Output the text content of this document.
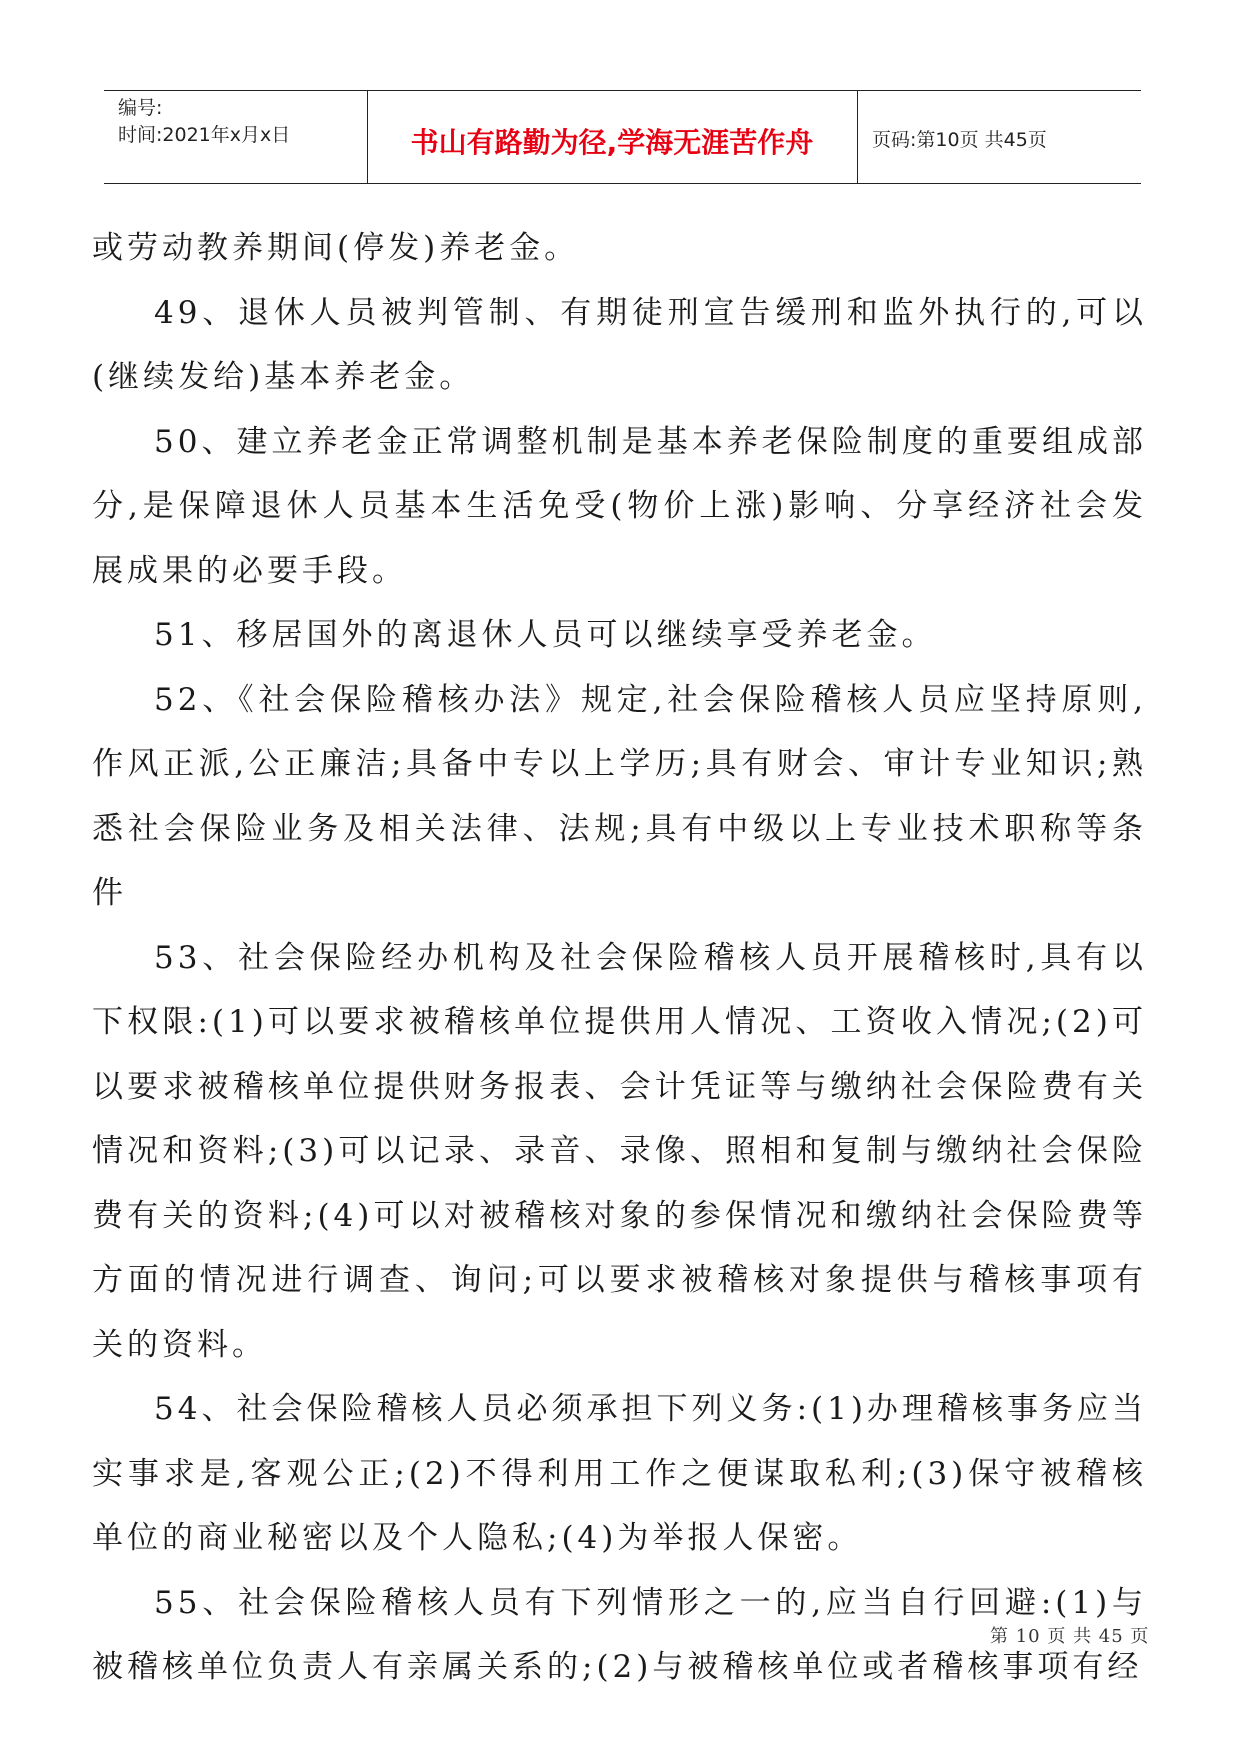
编号:
时间:2021年x月x日	书山有路勤为径,学海无涯苦作舟	页码:第10页 共45页

或劳动教养期间(停发)养老金。

49、退休人员被判管制、有期徒刑宣告缓刑和监外执行的,可以(继续发给)基本养老金。

50、建立养老金正常调整机制是基本养老保险制度的重要组成部分,是保障退休人员基本生活免受(物价上涨)影响、分享经济社会发展成果的必要手段。

51、移居国外的离退休人员可以继续享受养老金。

52、《社会保险稽核办法》规定,社会保险稽核人员应坚持原则,作风正派,公正廉洁;具备中专以上学历;具有财会、审计专业知识;熟悉社会保险业务及相关法律、法规;具有中级以上专业技术职称等条件

53、社会保险经办机构及社会保险稽核人员开展稽核时,具有以下权限:(1)可以要求被稽核单位提供用人情况、工资收入情况;(2)可以要求被稽核单位提供财务报表、会计凭证等与缴纳社会保险费有关情况和资料;(3)可以记录、录音、录像、照相和复制与缴纳社会保险费有关的资料;(4)可以对被稽核对象的参保情况和缴纳社会保险费等方面的情况进行调查、询问;可以要求被稽核对象提供与稽核事项有关的资料。

54、社会保险稽核人员必须承担下列义务:(1)办理稽核事务应当实事求是,客观公正;(2)不得利用工作之便谋取私利;(3)保守被稽核单位的商业秘密以及个人隐私;(4)为举报人保密。

55、社会保险稽核人员有下列情形之一的,应当自行回避:(1)与被稽核单位负责人有亲属关系的;(2)与被稽核单位或者稽核事项有经

第 10 页 共 45 页
